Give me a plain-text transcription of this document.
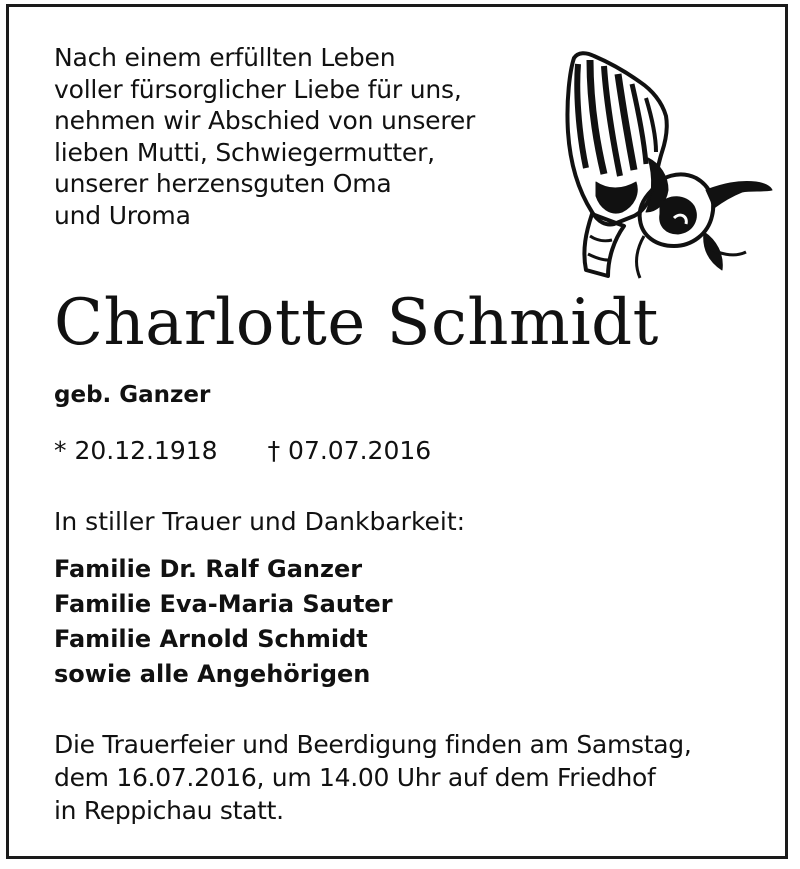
Nach einem erfüllten Leben
voller fürsorglicher Liebe für uns,
nehmen wir Abschied von unserer
lieben Mutti, Schwiegermutter,
unserer herzensguten Oma
und Uroma
Charlotte Schmidt
geb. Ganzer
* 20.12.1918 † 07.07.2016
In stiller Trauer und Dankbarkeit:
Familie Dr. Ralf Ganzer
Familie Eva-Maria Sauter
Familie Arnold Schmidt
sowie alle Angehörigen
Die Trauerfeier und Beerdigung finden am Samstag,
dem 16.07.2016, um 14.00 Uhr auf dem Friedhof
in Reppichau statt.
